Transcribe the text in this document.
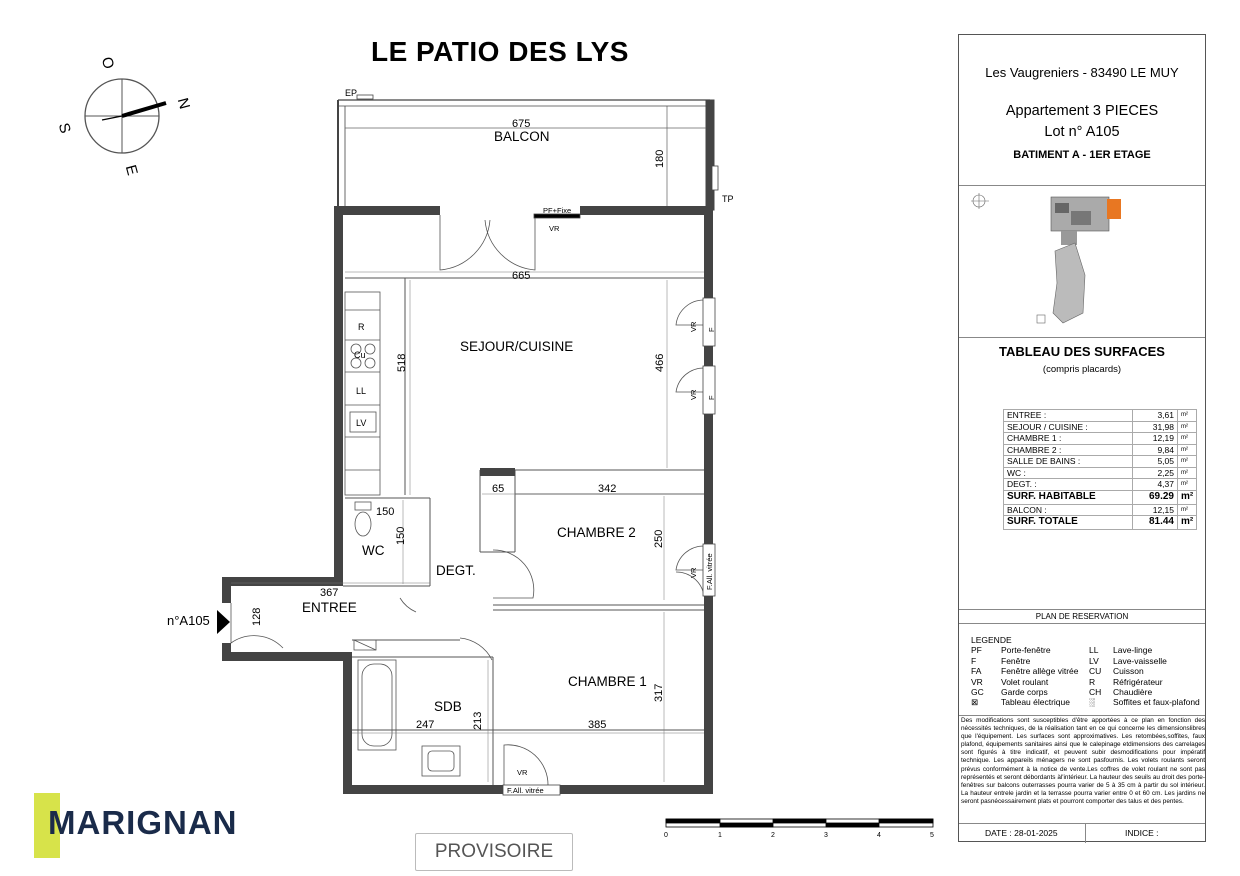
LE PATIO DES LYS
N
S
E
O
EP
TP
PF+Fixe
VR
F
F
VR
VR
F.All. vitrée
VR
VR
F.All. vitrée
R
Cu
LL
LV
675
180
665
518	466
150
150
367
128
65	342
250
247	213	385
317
SEJOUR/CUISINE
BALCON
CHAMBRE 2
CHAMBRE 1
WC
DEGT.
ENTREE
SDB
n°A105
0	1	2	3	4	5
MARIGNAN
PROVISOIRE
Les Vaugreniers - 83490 LE MUY
Appartement 3 PIECES
Lot n° A105
BATIMENT A - 1ER ETAGE
TABLEAU DES SURFACES
(compris placards)
ENTREE :	3,61	m²
SEJOUR / CUISINE :	31,98	m²
CHAMBRE 1 :	12,19	m²
CHAMBRE 2 :	9,84	m²
SALLE DE BAINS :	5,05	m²
WC :	2,25	m²
DEGT. :	4,37	m²
SURF. HABITABLE	69.29	m²
BALCON :	12,15	m²
SURF. TOTALE	81.44	m²
PLAN DE RESERVATION
LEGENDE
PF Porte-fenêtre	LL Lave-linge
F	Fenêtre	LV Lave-vaisselle
FA Fenêtre allège vitrée CU Cuisson
VR Volet roulant	R Réfrigérateur
GC Garde corps	CH Chaudière
⊠	Tableau électrique ░ Soffites et faux-plafond
Des modifications sont susceptibles d'être apportées à ce plan en fonction des nécessités techniques, de la réalisation tant en ce qui concerne les dimensionslibres que l'équipement. Les surfaces sont approximatives. Les retombées,soffites, faux plafond, équipements sanitaires ainsi que le calepinage etdimensions des carrelages sont figurés à titre indicatif, et peuvent subir desmodifications pour impératif technique. Les appareils ménagers ne sont pasfournis. Les volets roulants seront prévus conformément à la notice de vente.Les coffres de volet roulant ne sont pas représentés et seront débordants àl'intérieur. La hauteur des seuils au droit des porte-fenêtres sur balcons outerrasses pourra varier de 5 à 35 cm à partir du sol intérieur. La hauteur entrele jardin et la terrasse pourra varier entre 0 et 60 cm. Les jardins ne seront pasnécessairement plats et pourront comporter des talus et des pentes.
DATE : 28-01-2025	INDICE :
